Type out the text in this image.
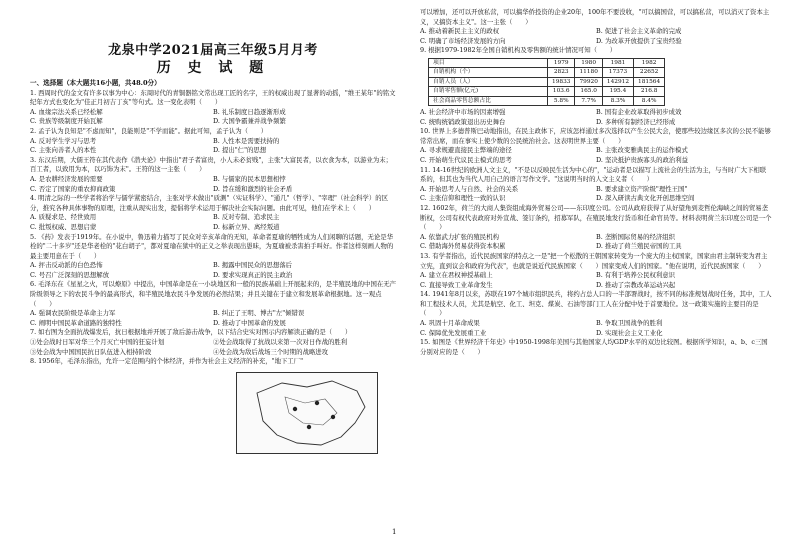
龙泉中学2021届高三年级5月月考
历 史 试 题
一、选择题（本大题共16小题，共48.0分）
1. 西周时代的金文有许多以事为中心：东周时代的青铜器铭文常出现工匠的名字，王的权威出现了显著的动摇，"维王某年"的铭文纪年方式也变化为"佳正月初吉丁亥"等句式。这一变化表明（　　）
A. 血缘宗法关系已经松解	B. 礼乐制度日趋逐渐形成
C. 贵族等级制度开始瓦解	D. 大国争霸兼并战争频繁
2. 孟子认为良知是"不虑而知"，良能则是"不学而能"。据此可知，孟子认为（　　）
A. 反对学生学习与思考	B. 人性本是需要扶持的
C. 主张向善者人的本性	D. 提出"仁"的思想
3. 东汉后期，大儒王符在其代表作《潜夫论》中指出"君子者富贵，小人未必贫贱"，主张"大富民者，以衣食为本，以游业为末；百工者，以致用为本，以巧饰为末"。王符的这一主张（　　）
A. 是农耕经济发展的需要	B. 与儒家的民本思想相悖
C. 否定了国家的重农抑商政策	D. 旨在缓和激烈的社会矛盾
4. 明清之际的一些学者将治学与儒学紧密结合，主张对学术做出"质测"（实证科学）、"通几"（哲学）、"宰理"（社会科学）的区分，推究各种具体事物的原理，注重从现实出发，提倡将学术运用于解决社会实际问题。由此可见，他们在学术上（　　）
A. 质疑求是、经世致用	B. 反对专制、追求民主
C. 批叛权威、思想启蒙	D. 标新立异、离经叛道
5. 《药》发表于1919年。在小说中，鲁迅着力描写了民众对辛亥革命的无知，革命者夏瑜的牺牲成为人们闲聊的话题，无论是华栓的"二十多岁"还是华老栓的"花白胡子"，都对夏瑜在狱中的正义之举表现出愚昧，为夏瑜被杀害拍手叫好。作者这样刻画人物的最主要用意在于（　　）
A. 抨击反动派的白色恐怖	B. 揭露中国民众的思想落后
C. 号召广泛深刻的思想解放	D. 要求实现真正的民主政治
6. 毛泽东在《星星之火，可以燎原》中提出，中国革命是在一小块地区和一般的民族基础上开展起来的，是半殖民地的中国在无产阶级领导之下的农民斗争的最高形式，和半殖民地农民斗争发展的必然结果；并且关键在于建立和发展革命根据地。这一观点（　　）
A. 强调农民阶级是革命主力军	B. 纠正了王明、博古"左"倾错误
C. 阐明中国民革命道路的独特性	D. 推动了中国革命的发展
7. 如右图为全面抗战爆发后，抗日根据地并开展了敌后游击战争，以下结合史实对图示内容解读正确的是（　　）
①处会战时日军对华三个月灭亡中国的狂妄计划	②处会战取得了抗战以来第一次对日作战的胜利
③处会战为中国国民抗日队伍进入相持阶段	④处会战为敌后战场三个时期的战略进攻
8. 1956年，毛泽东指出，允许一定范围内的个体经济，并作为社会主义经济的补充，"地下工厂"
可以增加，还可以开放私营，可以搞华侨投资的企业20年，100年不要没收，"可以搞国营，可以搞私营，可以消灭了资本主义，又搞资本主义"。这一主张（　　）
A. 推动着新民主主义的政权	B. 促进了社会主义革命的完成
C. 明确了市场经济发展的方向	D. 为改革开放提供了宝贵经验
9. 根据1979-1982年全国自销机构及零售额的统计情况可知（　　）
项目	1979	1980	1981	1982
自销机构（个）	2823	11180	17373	22652
自销人员（人）	19833	79920	142912	181564
自销零售额(亿元)	103.6	165.0	195.4	216.8
社会商品零售总额占比	5.8%	7.7%	8.3%	8.4%
A. 社会经济中市场的因素增强	B. 国有企业改革取得初步成效
C. 统购统销政策退出历史舞台	D. 多种所有制经济已经形成
10. 世界上多德普斯巴动地指出，在民主政体下，应该怎样通过多次选择以产生公民大会，使那些较边缘区多次的公民不能够常常出席，而在事实上使少数的公民统治社会。这表明世界主要（　　）
A. 寻求规避直接民主弊端的途径	B. 主张改变雅典民主的运作模式
C. 开始萌生代议民主模式的思考	D. 坚决抵护贵族寡头的政治利益
11. 14-16世纪的欧洲人文主义，"不是以反映民生活为中心的"，"运动者是以描写上流社会的生活为主，与当时广大下相联系的，但其也为当代人用自己的语言写作文学。"这说明当时的人文主义者（　　）
A. 开始思考人与自然、社会的关系	B. 要求建立资产阶级"理性王国"
C. 主张信仰和理性一致的认识	D. 深入研读古典文化开创思维空间
12. 1602年，荷兰的大商人集资组成海外贸易公司——东印度公司。公司从政府获得了从好望角到麦哲伦海峡之间的贸易垄断权，公司有权代表政府对外宣战、签订条约，招募军队，在殖民地发行货币和任命官员等。材料表明荷兰东印度公司是一个（　　）
A. 依靠武力扩张的殖民机构	B. 垄断国际贸易的经济组织
C. 借助海外贸易获得资本积累	D. 推动了荷兰殖民帝国的工具
13. 有学者指出，近代民族国家的特点之一是"把一个松散的王朝国家转变为一个庞大的主权国家，国家由君主制转变为君主立宪，直到议会和政府为代表"，也就是说近代民族国家（　　）国家变成人们的国家。"他在说明，近代民族国家（　　）
A. 建立在君权神授基础上	B. 有利于培养公民权利意识
C. 直接导致工业革命发生	D. 推动了宗教改革运动兴起
14. 1941年8月以来，苏联在197个城市组织民兵，将约占总人口的一半部署战时，按不同的标准规划战时任务，其中，工人和工程技术人员，尤其是航空、化工、坦克、煤炭、石油等部门工人在分配中处于首要地位。这一政策实施的主要目的是（　　）
A. 巩固十月革命成果	B. 争取卫国战争的胜利
C. 保障优先发展重工业	D. 实现社会主义工业化
15. 如图是《世界经济千年史》中1950-1998年美国与其他国家人均GDP水平的双边比较图。根据所学知识，a、b、c三国分别对应的是（　　）
1
